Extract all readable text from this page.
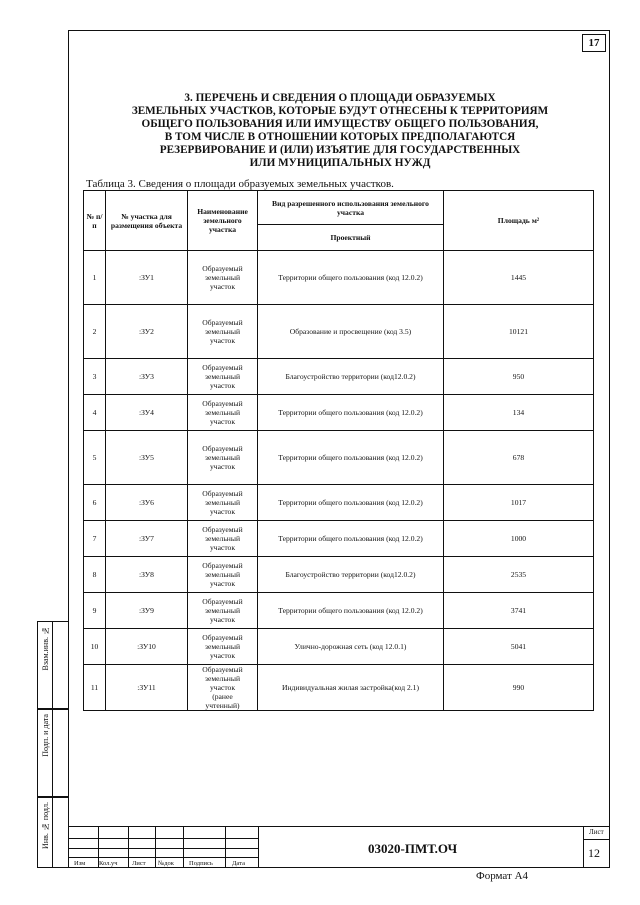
17
3. ПЕРЕЧЕНЬ И СВЕДЕНИЯ О ПЛОЩАДИ ОБРАЗУЕМЫХ
ЗЕМЕЛЬНЫХ УЧАСТКОВ, КОТОРЫЕ БУДУТ ОТНЕСЕНЫ К ТЕРРИТОРИЯМ
ОБЩЕГО ПОЛЬЗОВАНИЯ ИЛИ ИМУЩЕСТВУ ОБЩЕГО ПОЛЬЗОВАНИЯ,
В ТОМ ЧИСЛЕ В ОТНОШЕНИИ КОТОРЫХ ПРЕДПОЛАГАЮТСЯ
РЕЗЕРВИРОВАНИЕ И (ИЛИ) ИЗЪЯТИЕ ДЛЯ ГОСУДАРСТВЕННЫХ
ИЛИ МУНИЦИПАЛЬНЫХ НУЖД
Таблица 3. Сведения о площади образуемых земельных участков.
№ п/п	№ участка для размещения объекта	Наименование земельного участка	Вид разрешенного использования земельного участка	Площадь м²
			Проектный	
1	:ЗУ1	Образуемый земельный участок	Территории общего пользования (код 12.0.2)	1445
2	:ЗУ2	Образуемый земельный участок	Образование и просвещение (код 3.5)	10121
3	:ЗУ3	Образуемый земельный участок	Благоустройство территории (код12.0.2)	950
4	:ЗУ4	Образуемый земельный участок	Территории общего пользования (код 12.0.2)	134
5	:ЗУ5	Образуемый земельный участок	Территории общего пользования (код 12.0.2)	678
6	:ЗУ6	Образуемый земельный участок	Территории общего пользования (код 12.0.2)	1017
7	:ЗУ7	Образуемый земельный участок	Территории общего пользования (код 12.0.2)	1000
8	:ЗУ8	Образуемый земельный участок	Благоустройство территории (код12.0.2)	2535
9	:ЗУ9	Образуемый земельный участок	Территории общего пользования (код 12.0.2)	3741
10	:ЗУ10	Образуемый земельный участок	Улично-дорожная сеть (код 12.0.1)	5041
11	:ЗУ11	Образуемый земельный участок (ранее учтенный)	Индивидуальная жилая застройка(код 2.1)	990
Взам.инв. №
Подп. и дата
Инв. № подл.
Изм Кол.уч Лист №док Подпись	Дата
03020-ПМТ.ОЧ
Лист
12
Формат А4
